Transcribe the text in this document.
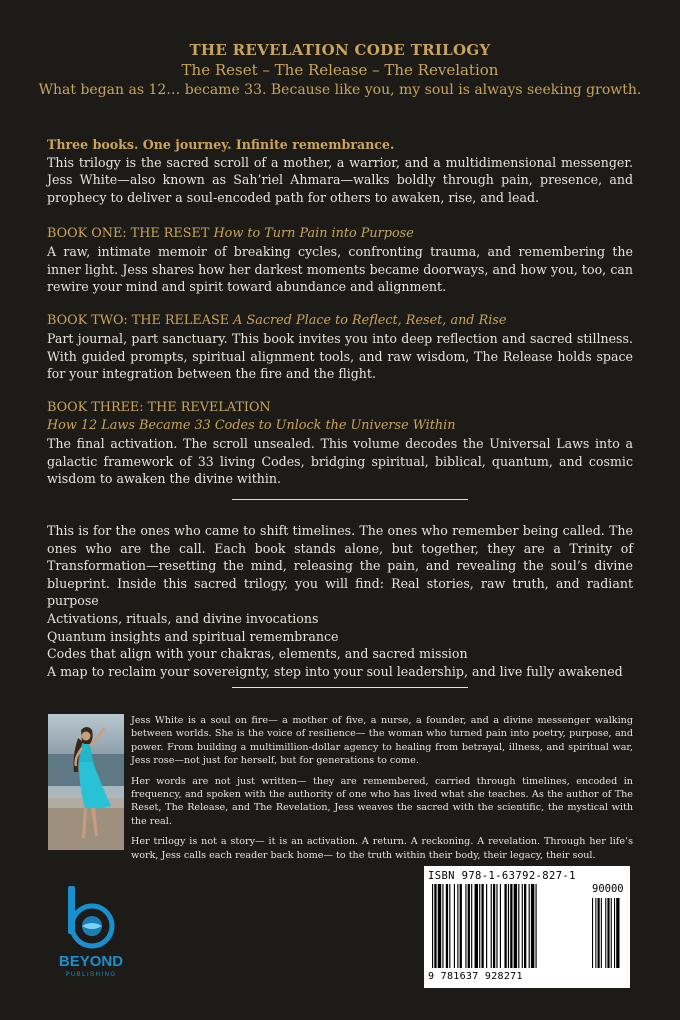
THE REVELATION CODE TRILOGY
The Reset – The Release – The Revelation
What began as 12… became 33. Because like you, my soul is always seeking growth.

Three books. One journey. Infinite remembrance.

This trilogy is the sacred scroll of a mother, a warrior, and a multidimensional messenger. Jess White—also known as Sah’riel Ahmara—walks boldly through pain, presence, and prophecy to deliver a soul-encoded path for others to awaken, rise, and lead.

BOOK ONE: THE RESET How to Turn Pain into Purpose

A raw, intimate memoir of breaking cycles, confronting trauma, and remembering the inner light. Jess shares how her darkest moments became doorways, and how you, too, can rewire your mind and spirit toward abundance and alignment.

BOOK TWO: THE RELEASE A Sacred Place to Reflect, Reset, and Rise

Part journal, part sanctuary. This book invites you into deep reflection and sacred stillness. With guided prompts, spiritual alignment tools, and raw wisdom, The Release holds space for your integration between the fire and the flight.

BOOK THREE: THE REVELATION

How 12 Laws Became 33 Codes to Unlock the Universe Within

The final activation. The scroll unsealed. This volume decodes the Universal Laws into a galactic framework of 33 living Codes, bridging spiritual, biblical, quantum, and cosmic wisdom to awaken the divine within.

This is for the ones who came to shift timelines. The ones who remember being called. The ones who are the call. Each book stands alone, but together, they are a Trinity of Transformation—resetting the mind, releasing the pain, and revealing the soul’s divine blueprint. Inside this sacred trilogy, you will find: Real stories, raw truth, and radiant purpose

Activations, rituals, and divine invocations

Quantum insights and spiritual remembrance

Codes that align with your chakras, elements, and sacred mission

A map to reclaim your sovereignty, step into your soul leadership, and live fully awakened

Jess White is a soul on fire— a mother of five, a nurse, a founder, and a divine messenger walking between worlds. She is the voice of resilience— the woman who turned pain into poetry, purpose, and power. From building a multimillion-dollar agency to healing from betrayal, illness, and spiritual war, Jess rose—not just for herself, but for generations to come.

Her words are not just written— they are remembered, carried through timelines, encoded in frequency, and spoken with the authority of one who has lived what she teaches. As the author of The Reset, The Release, and The Revelation, Jess weaves the sacred with the scientific, the mystical with the real.

Her trilogy is not a story— it is an activation. A return. A reckoning. A revelation. Through her life’s work, Jess calls each reader back home— to the truth within their body, their legacy, their soul.

BEYOND
PUBLISHING
ISBN 978-1-63792-827-1
90000
9 781637 928271
